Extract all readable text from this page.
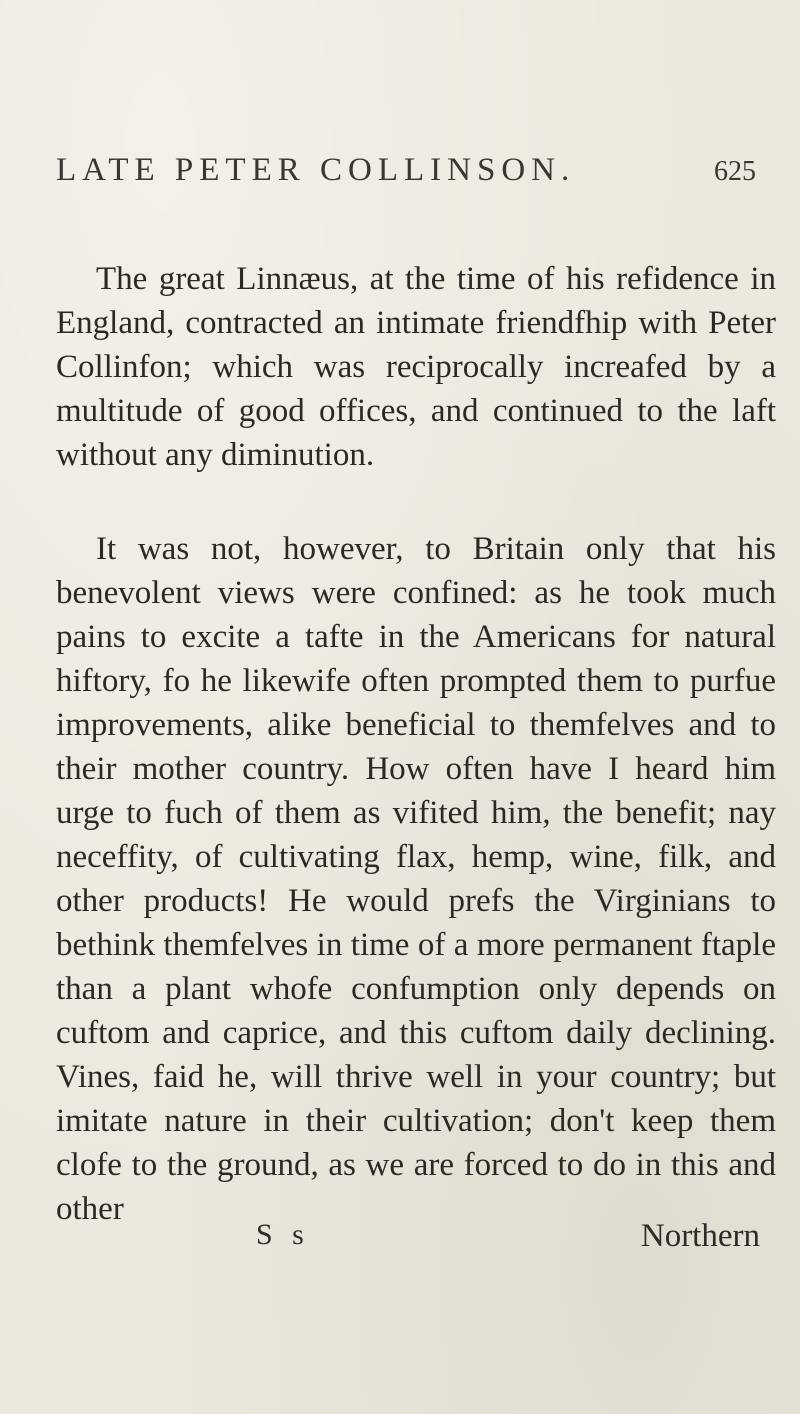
LATE PETER COLLINSON.	625

The great Linnæus, at the time of his refidence in England, contracted an intimate friendfhip with Peter Collinfon; which was reciprocally increafed by a multitude of good offices, and continued to the laft without any diminution.

It was not, however, to Britain only that his benevolent views were confined: as he took much pains to excite a tafte in the Americans for natural hiftory, fo he likewife often prompted them to purfue improvements, alike beneficial to themfelves and to their mother country. How often have I heard him urge to fuch of them as vifited him, the benefit; nay neceffity, of cultivating flax, hemp, wine, filk, and other products! He would prefs the Virginians to bethink themfelves in time of a more permanent ftaple than a plant whofe confumption only depends on cuftom and caprice, and this cuftom daily declining. Vines, faid he, will thrive well in your country; but imitate nature in their cultivation; don't keep them clofe to the ground, as we are forced to do in this and other

S s	Northern
